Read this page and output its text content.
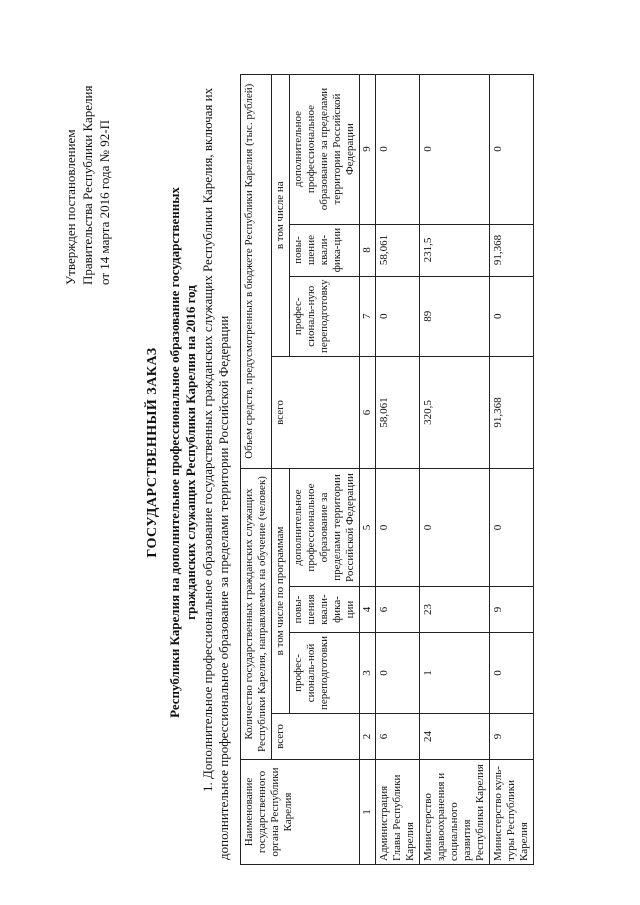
Утвержден постановлением Правительства Республики Карелия от 14 марта 2016 года № 92-П
ГОСУДАРСТВЕННЫЙ ЗАКАЗ Республики Карелия на дополнительное профессиональное образование государственных гражданских служащих Республики Карелия на 2016 год 1. Дополнительное профессиональное образование государственных гражданских служащих Республики Карелия, включая их дополнительное профессиональное образование за пределами территории Российской Федерации Наименование государственного органа Республики Карелия	Количество государственных гражданских служащих Республики Карелия, направляемых на обучение (человек)				Объем средств, предусмотренных в бюджете Республики Карелия (тыс. рублей)			
	всего	в том числе по программам			всего	в том числе на		
		профес-сиональ-ной переподготовки	повы-шения квали-фика-ции	дополнительное профессиональное образование за пределами территории Российской Федерации		профес-сиональ-ную переподготовку	повы-шение квали-фика-ции	дополнительное профессиональное образование за пределами территории Российской Федерации
1	2	3	4	5	6	7	8	9
Администрация Главы Республики Карелия	6	0	6	0	58,061	0	58,061	0
Министерство здравоохранения и социального развития Республики Карелия	24	1	23	0	320,5	89	231,5	0
Министерство куль-туры Республики Карелия	9	0	9	0	91,368	0	91,368	0
